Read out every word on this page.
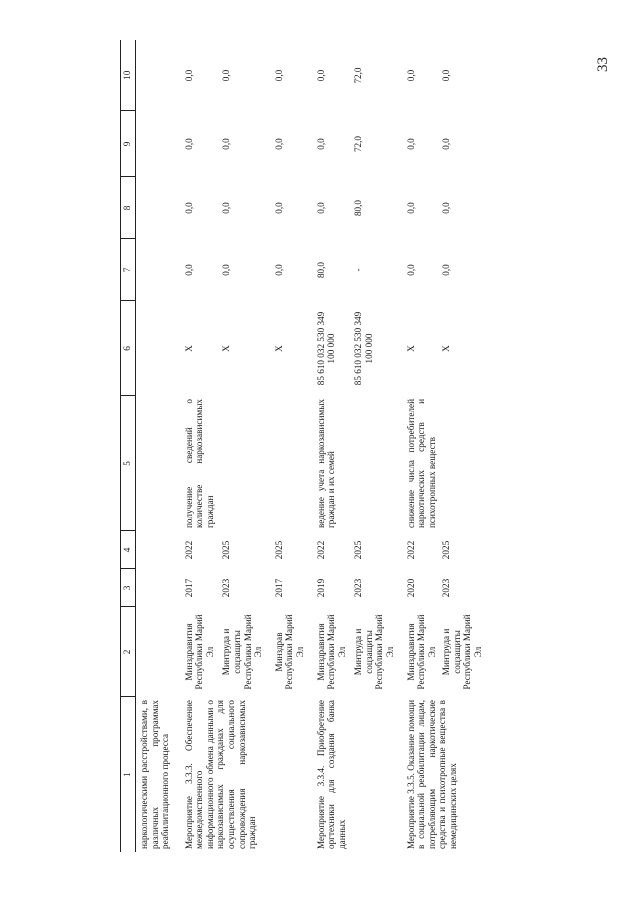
33
1	2	3	4	5	6	7	8	9	10
наркологическими расстройствами, в различных программах реабилитационного процесса									
Мероприятие 3.3.3. Обеспечение межведомственного информационного обмена данными о наркозависимых гражданах для осуществления социального сопровождения наркозависимых граждан	Минздравития Республики Марий Эл	2017	2022	получение сведений о количестве наркозависимых граждан	Х	0,0	0,0	0,0	0,0
	Минтруда и соцзащиты Республики Марий Эл	2023	2025		Х	0,0	0,0	0,0	0,0
	Минздрав Республики Марий Эл	2017	2025		Х	0,0	0,0	0,0	0,0
Мероприятие 3.3.4. Приобретение оргтехники для создания банка данных	Минздравития Республики Марий Эл	2019	2022	ведение учета наркозависимых граждан и их семей	85 610 032 530 349 100 000	80,0	0,0	0,0	0,0
	Минтруда и соцзащиты Республики Марий Эл	2023	2025		85 610 032 530 349 100 000	-	80,0	72,0	72,0
Мероприятие 3.3.5. Оказание помощи в социальной реабилитации лицам, потребляющим наркотические средства и психотропные вещества в немедицинских целях	Минздравития Республики Марий Эл	2020	2022	снижение числа потребителей наркотических средств и психотропных веществ	Х	0,0	0,0	0,0	0,0
	Минтруда и соцзащиты Республики Марий Эл	2023	2025		Х	0,0	0,0	0,0	0,0
